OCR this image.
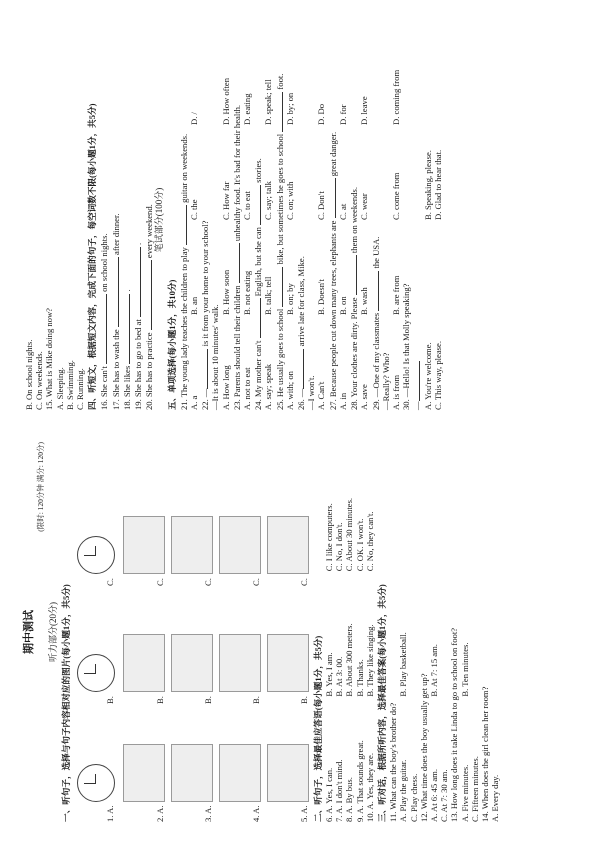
期中测试
(限时: 120分钟 满分: 120分)
听力部分(20分) 一、听句子，选择与句子内容相对应的图片(每小题1分，共5分)	1. A.
B.
C.
2. A.
B.
C.
3. A.
B.
C.
4. A.
B.
C.
5. A.
B.
C.
二、听句子，选择最佳应答语(每小题1分，共5分) 6. A. Yes, I can.
B. Yes, I am.
C. I like computers.
7. A. I don't mind.
B. At 3: 00.
C. No, I don't.
8. A. By bus.
B. About 300 meters.
C. About 30 minutes.
9. A. That sounds great.
B. Thanks.
C. OK. I won't.
10. A. Yes, they are.
B. They like singing.
C. No, they can't.
三、听对话，根据所听内容，选择最佳答案(每小题1分，共5分) 11. What can the boy's brother do? A. Play the guitar.
B. Play basketball.
C. Play chess. 12. What time does the boy usually get up? A. At 6: 45 am.
B. At 7: 15 am.
C. At 7: 30 am. 13. How long does it take Linda to go to school on foot? A. Five minutes.
B. Ten minutes.
C. Fifteen minutes. 14. When does the girl clean her room? A. Every day.
B. On school nights. C. On weekends. 15. What is Mike doing now? A. Sleeping. B. Swimming. C. Running. 四、听短文，根据短文内容，完成下面的句子，每空词数不限(每小题1分，共5分) 16. She can't  on school nights.
17. She has to wash the  after dinner.
18. She likes  .
19. She has to go to bed at  .
20. She has to practice  every weekend. 笔试部分(100分)
五、单项选择(每小题1分，共10分) 21. The young lady teaches the children to play  guitar on weekends.
A. a
B. an
C. the
D. /
22. — is it from your home to your school?
—It is about 10 minutes' walk. A. How long
B. How soon
C. How far
D. How often
23. Parents should tell their children  unhealthy food. It's bad for their health.
A. not to eat
B. not eating
C. to eat
D. eating
24. My mother can't  English, but she can  stories.
A. say; speak
B. talk; tell
C. say; talk
D. speak; tell
25. He usually goes to school  bike, but sometimes he goes to school  foot.
A. with; on
B. on; by
C. on; with
D. by; on
26. — arrive late for class, Mike.
—I won't. A. Can't
B. Doesn't
C. Don't
D. Do
27. Because people cut down many trees, elephants are  great danger.
A. in
B. on
C. at
D. for
28. Your clothes are dirty. Please  them on weekends.
A. save
B. wash
C. wear
D. leave
29. —One of my classmates  the USA.
—Really? Who? A. is from
B. are from
C. come from
D. coming from
30. —Hello! Is that Molly speaking? — A. You're welcome.
B. Speaking, please.
C. This way, please.
D. Glad to hear that.
